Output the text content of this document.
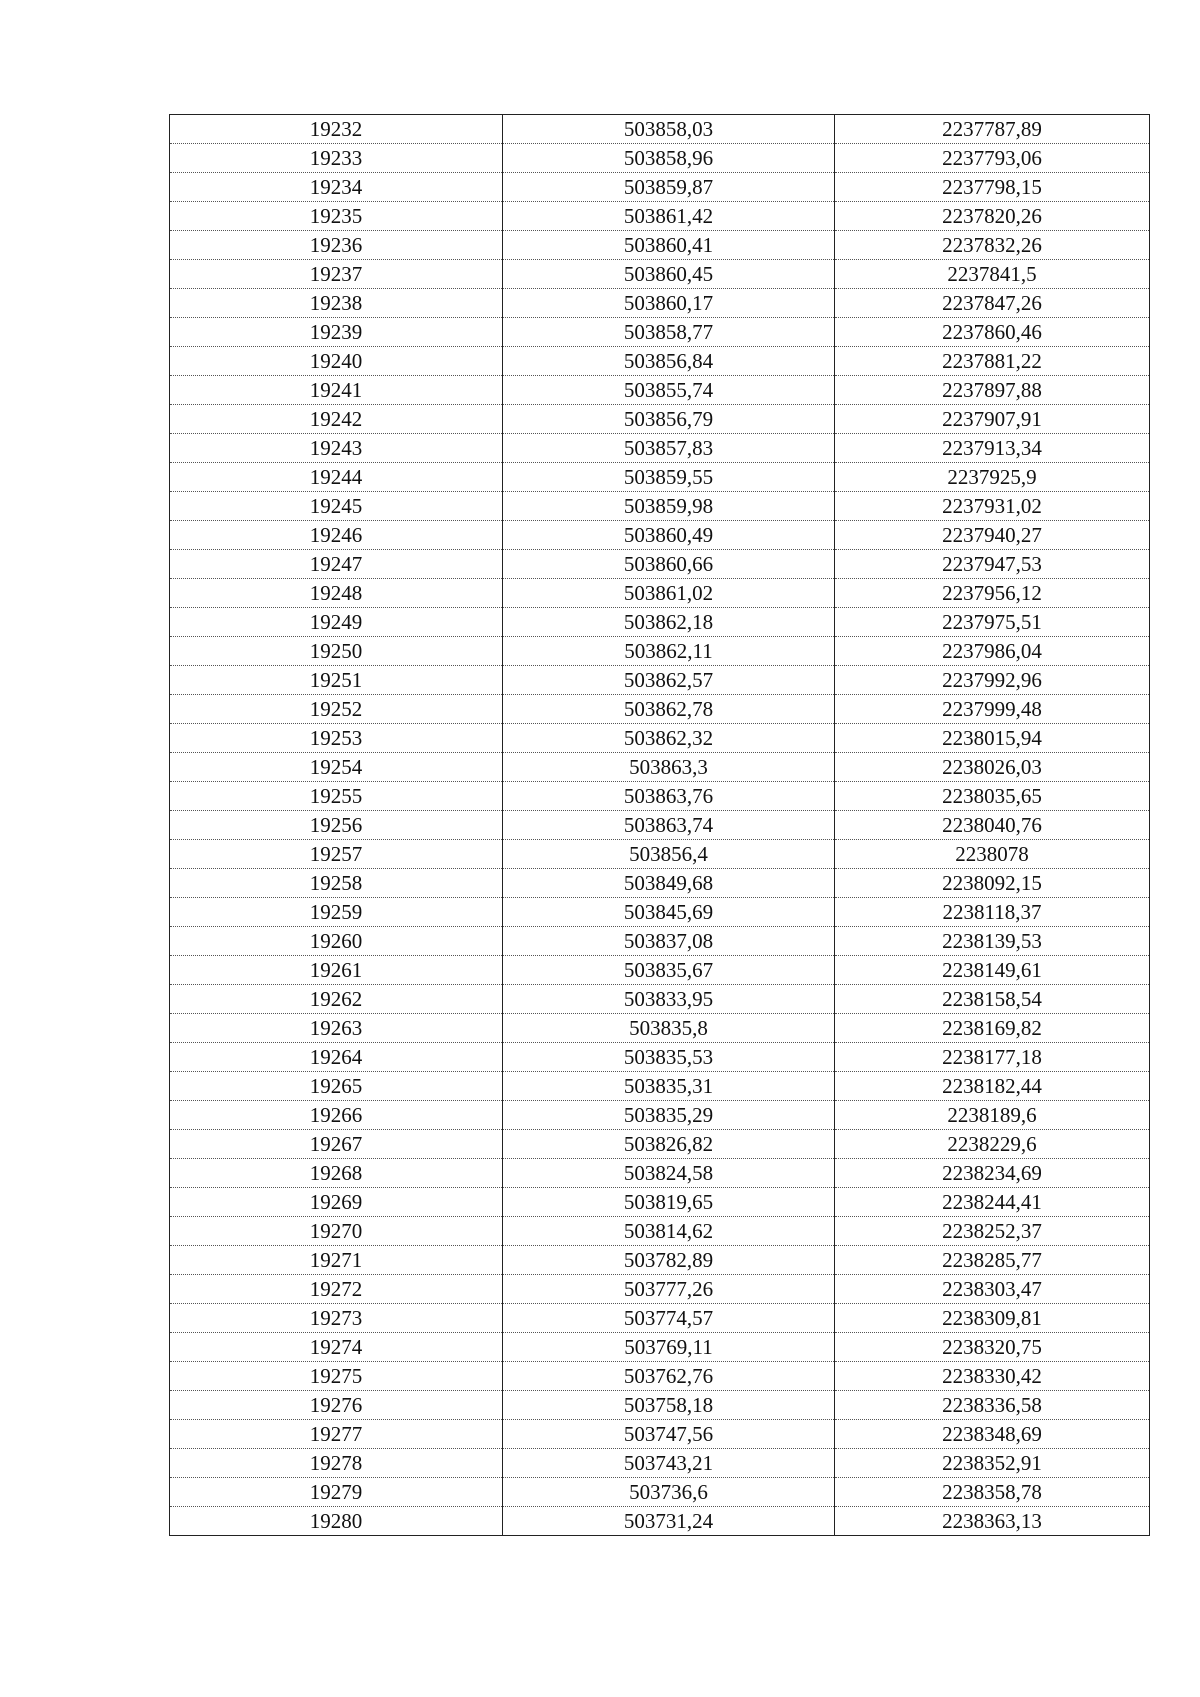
19232	503858,03	2237787,89
19233	503858,96	2237793,06
19234	503859,87	2237798,15
19235	503861,42	2237820,26
19236	503860,41	2237832,26
19237	503860,45	2237841,5
19238	503860,17	2237847,26
19239	503858,77	2237860,46
19240	503856,84	2237881,22
19241	503855,74	2237897,88
19242	503856,79	2237907,91
19243	503857,83	2237913,34
19244	503859,55	2237925,9
19245	503859,98	2237931,02
19246	503860,49	2237940,27
19247	503860,66	2237947,53
19248	503861,02	2237956,12
19249	503862,18	2237975,51
19250	503862,11	2237986,04
19251	503862,57	2237992,96
19252	503862,78	2237999,48
19253	503862,32	2238015,94
19254	503863,3	2238026,03
19255	503863,76	2238035,65
19256	503863,74	2238040,76
19257	503856,4	2238078
19258	503849,68	2238092,15
19259	503845,69	2238118,37
19260	503837,08	2238139,53
19261	503835,67	2238149,61
19262	503833,95	2238158,54
19263	503835,8	2238169,82
19264	503835,53	2238177,18
19265	503835,31	2238182,44
19266	503835,29	2238189,6
19267	503826,82	2238229,6
19268	503824,58	2238234,69
19269	503819,65	2238244,41
19270	503814,62	2238252,37
19271	503782,89	2238285,77
19272	503777,26	2238303,47
19273	503774,57	2238309,81
19274	503769,11	2238320,75
19275	503762,76	2238330,42
19276	503758,18	2238336,58
19277	503747,56	2238348,69
19278	503743,21	2238352,91
19279	503736,6	2238358,78
19280	503731,24	2238363,13
